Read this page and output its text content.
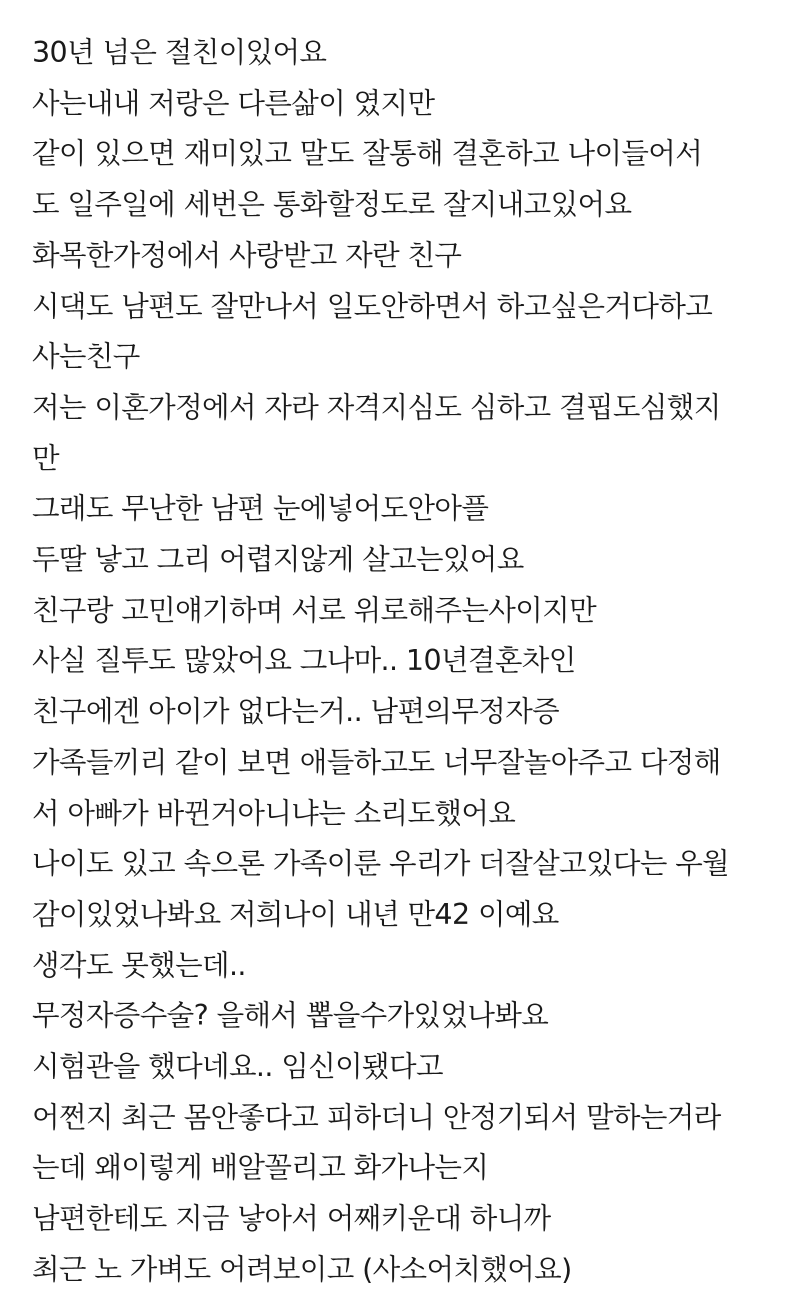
30년 넘은 절친이있어요
사는내내 저랑은 다른삶이 였지만
같이 있으면 재미있고 말도 잘통해 결혼하고 나이들어서
도 일주일에 세번은 통화할정도로 잘지내고있어요
화목한가정에서 사랑받고 자란 친구
시댁도 남편도 잘만나서 일도안하면서 하고싶은거다하고
사는친구
저는 이혼가정에서 자라 자격지심도 심하고 결핍도심했지
만
그래도 무난한 남편 눈에넣어도안아플
두딸 낳고 그리 어렵지않게 살고는있어요
친구랑 고민얘기하며 서로 위로해주는사이지만
사실 질투도 많았어요 그나마.. 10년결혼차인
친구에겐 아이가 없다는거.. 남편의무정자증
가족들끼리 같이 보면 애들하고도 너무잘놀아주고 다정해
서 아빠가 바뀐거아니냐는 소리도했어요
나이도 있고 속으론 가족이룬 우리가 더잘살고있다는 우월
감이있었나봐요 저희나이 내년 만42 이예요
생각도 못했는데..
무정자증수술? 을해서 뽑을수가있었나봐요
시험관을 했다네요.. 임신이됐다고
어쩐지 최근 몸안좋다고 피하더니 안정기되서 말하는거라
는데 왜이렇게 배알꼴리고 화가나는지
남편한테도 지금 낳아서 어째키운대 하니까
최근 노 가벼도 어려보이고 (사소어치했어요)
